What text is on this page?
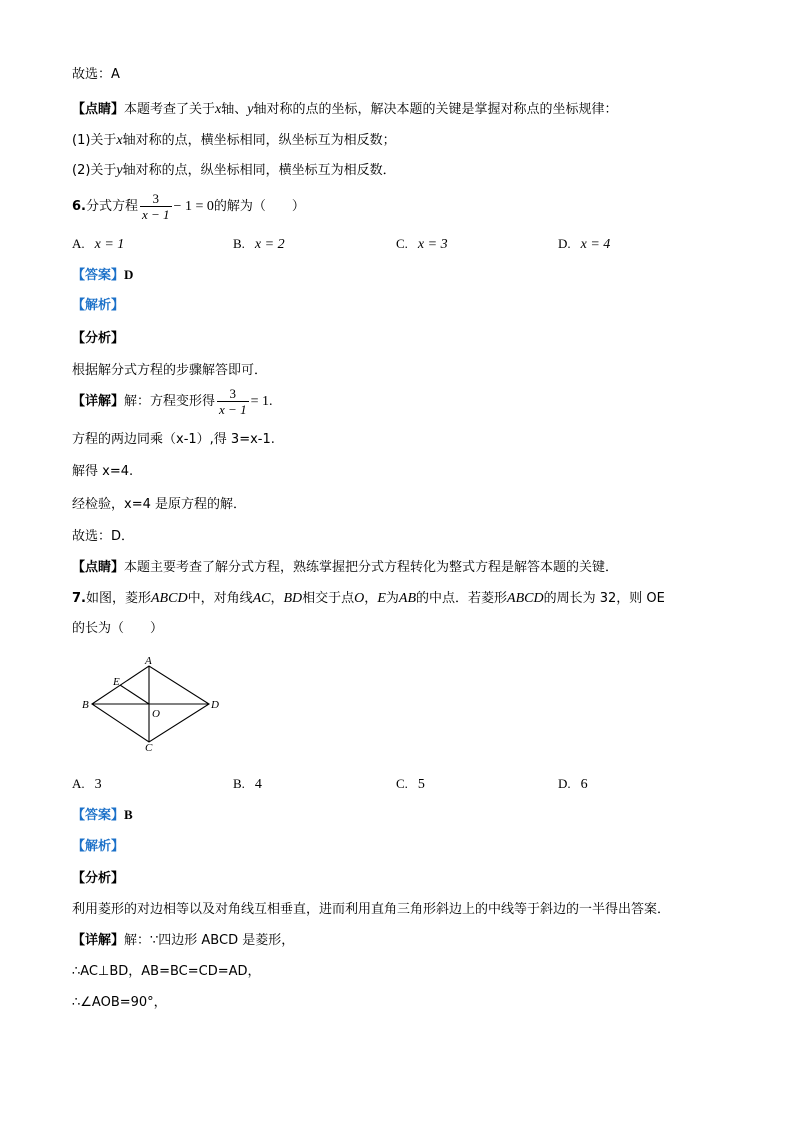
故选：A
【点睛】本题考查了关于x轴、y轴对称的点的坐标，解决本题的关键是掌握对称点的坐标规律：
(1)关于x轴对称的点，横坐标相同，纵坐标互为相反数；
(2)关于y轴对称的点，纵坐标相同，横坐标互为相反数．
6.分式方程 $\frac{3}{x - 1} - 1 = 0$的解为（　　）
A. x = 1	B. x = 2	C. x = 3	D. x = 4
【答案】D
【解析】
【分析】
根据解分式方程的步骤解答即可．
【详解】解：方程变形得 $\frac{3}{x - 1} = 1$.
方程的两边同乘（x-1）,得 3=x-1.
解得 x=4.
经检验，x=4 是原方程的解．
故选：D．
【点睛】本题主要考查了解分式方程，熟练掌握把分式方程转化为整式方程是解答本题的关键．
7.如图，菱形ABCD中，对角线AC，BD相交于点O，E为AB的中点．若菱形ABCD的周长为 32，则 OE
的长为（　　）
A
B
C
D
E
O
A. 3	B. 4	C. 5	D. 6
【答案】B
【解析】
【分析】
利用菱形的对边相等以及对角线互相垂直，进而利用直角三角形斜边上的中线等于斜边的一半得出答案．
【详解】解：∵四边形 ABCD 是菱形，
∴AC⊥BD，AB=BC=CD=AD，
∴∠AOB=90°，
